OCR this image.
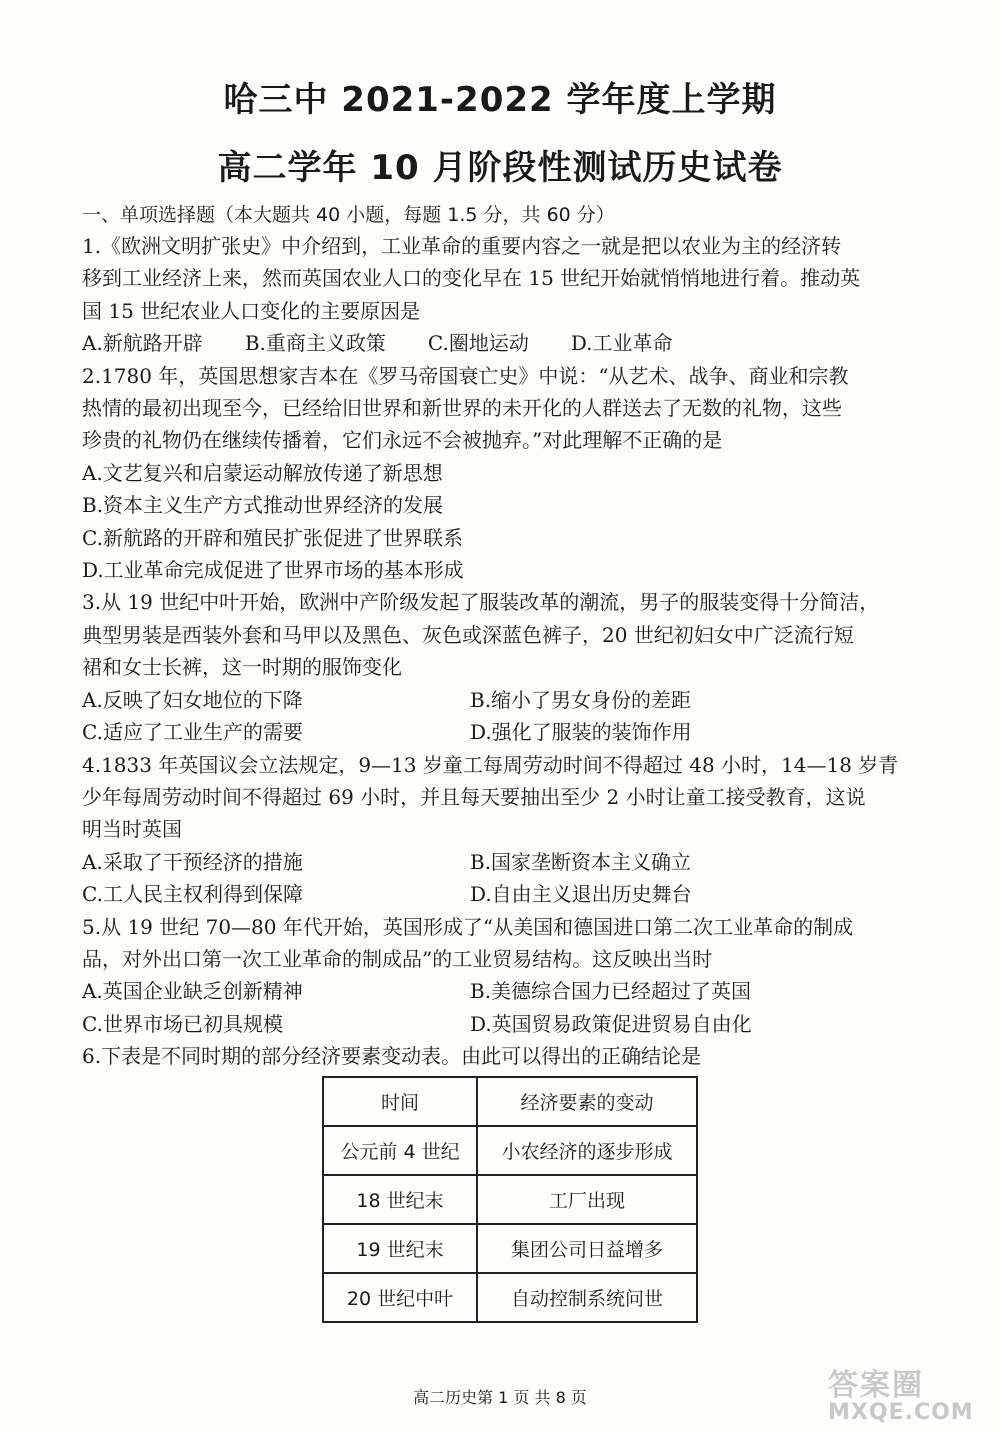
哈三中 2021-2022 学年度上学期
高二学年 10 月阶段性测试历史试卷
一、单项选择题（本大题共 40 小题，每题 1.5 分，共 60 分）

1.《欧洲文明扩张史》中介绍到，工业革命的重要内容之一就是把以农业为主的经济转

移到工业经济上来，然而英国农业人口的变化早在 15 世纪开始就悄悄地进行着。推动英

国 15 世纪农业人口变化的主要原因是

A.新航路开辟 B.重商主义政策 C.圈地运动 D.工业革命

2.1780 年，英国思想家吉本在《罗马帝国衰亡史》中说：“从艺术、战争、商业和宗教

热情的最初出现至今，已经给旧世界和新世界的未开化的人群送去了无数的礼物，这些

珍贵的礼物仍在继续传播着，它们永远不会被抛弃。”对此理解不正确的是

A.文艺复兴和启蒙运动解放传递了新思想

B.资本主义生产方式推动世界经济的发展

C.新航路的开辟和殖民扩张促进了世界联系

D.工业革命完成促进了世界市场的基本形成

3.从 19 世纪中叶开始，欧洲中产阶级发起了服装改革的潮流，男子的服装变得十分简洁，

典型男装是西装外套和马甲以及黑色、灰色或深蓝色裤子，20 世纪初妇女中广泛流行短

裙和女士长裤，这一时期的服饰变化

A.反映了妇女地位的下降	B.缩小了男女身份的差距
C.适应了工业生产的需要	D.强化了服装的装饰作用

4.1833 年英国议会立法规定，9—13 岁童工每周劳动时间不得超过 48 小时，14—18 岁青

少年每周劳动时间不得超过 69 小时，并且每天要抽出至少 2 小时让童工接受教育，这说

明当时英国

A.采取了干预经济的措施	B.国家垄断资本主义确立
C.工人民主权利得到保障	D.自由主义退出历史舞台

5.从 19 世纪 70—80 年代开始，英国形成了“从美国和德国进口第二次工业革命的制成

品，对外出口第一次工业革命的制成品”的工业贸易结构。这反映出当时

A.英国企业缺乏创新精神	B.美德综合国力已经超过了英国
C.世界市场已初具规模	D.英国贸易政策促进贸易自由化

6.下表是不同时期的部分经济要素变动表。由此可以得出的正确结论是

时间	经济要素的变动
公元前 4 世纪	小农经济的逐步形成
18 世纪末	工厂出现
19 世纪末	集团公司日益增多
20 世纪中叶	自动控制系统问世
高二历史第 1 页 共 8 页	答案圈
MXQE.COM
